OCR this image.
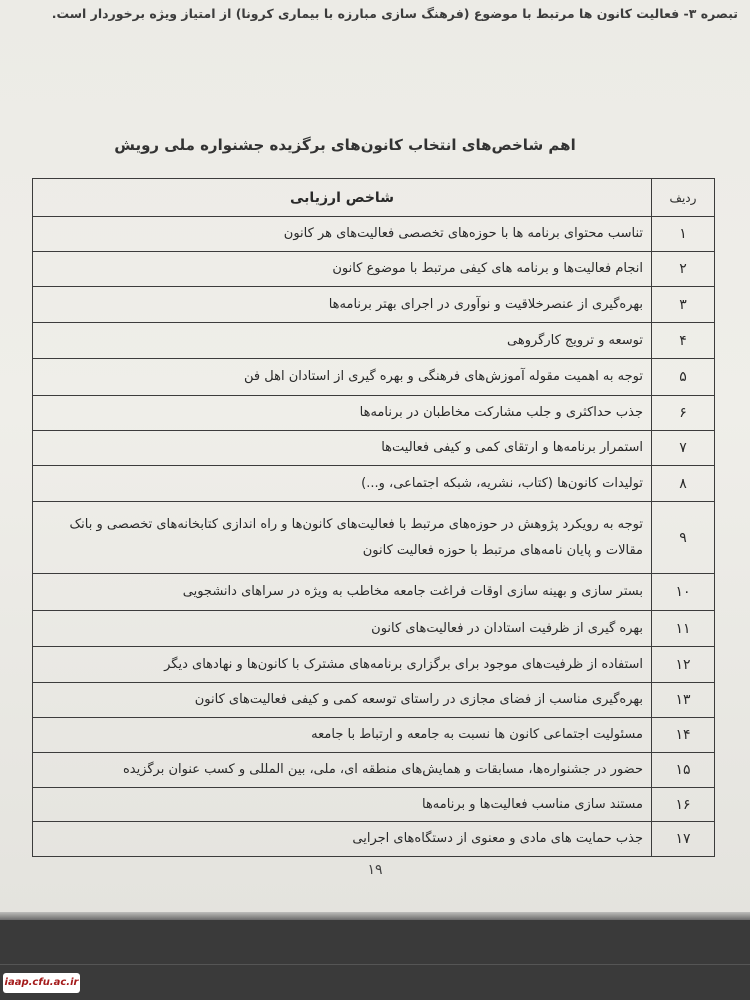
تبصره ۳- فعالیت کانون ها مرتبط با موضوع (فرهنگ سازی مبارزه با بیماری کرونا) از امتیاز ویژه برخوردار است.
اهم شاخص‌های انتخاب کانون‌های برگزیده جشنواره ملی رویش
ردیف	شاخص ارزیابی
۱	تناسب محتوای برنامه ها با حوزه‌های تخصصی فعالیت‌های هر کانون
۲	انجام فعالیت‌ها و برنامه های کیفی مرتبط با موضوع کانون
۳	بهره‌گیری از عنصرخلاقیت و نوآوری در اجرای بهتر برنامه‌ها
۴	توسعه و ترویج کارگروهی
۵	توجه به اهمیت مقوله آموزش‌های فرهنگی و بهره گیری از استادان اهل فن
۶	جذب حداکثری و جلب مشارکت مخاطبان در برنامه‌ها
۷	استمرار برنامه‌ها و ارتقای کمی و کیفی فعالیت‌ها
۸	تولیدات کانون‌ها (کتاب، نشریه، شبکه اجتماعی، و...)
۹	توجه به رویکرد پژوهش در حوزه‌های مرتبط با فعالیت‌های کانون‌ها و راه اندازی کتابخانه‌های تخصصی و بانک مقالات و پایان نامه‌های مرتبط با حوزه فعالیت کانون
۱۰	بستر سازی و بهینه سازی اوقات فراغت جامعه مخاطب به ویژه در سراهای دانشجویی
۱۱	بهره گیری از ظرفیت استادان در فعالیت‌های کانون
۱۲	استفاده از ظرفیت‌های موجود برای برگزاری برنامه‌های مشترک با کانون‌ها و نهادهای دیگر
۱۳	بهره‌گیری مناسب از فضای مجازی در راستای توسعه کمی و کیفی فعالیت‌های کانون
۱۴	مسئولیت اجتماعی کانون ها نسبت به جامعه و ارتباط با جامعه
۱۵	حضور در جشنواره‌ها، مسابقات و همایش‌های منطقه ای، ملی، بین المللی و کسب عنوان برگزیده
۱۶	مستند سازی مناسب فعالیت‌ها و برنامه‌ها
۱۷	جذب حمایت های مادی و معنوی از دستگاه‌های اجرایی
۱۹
iaap.cfu.ac.ir
